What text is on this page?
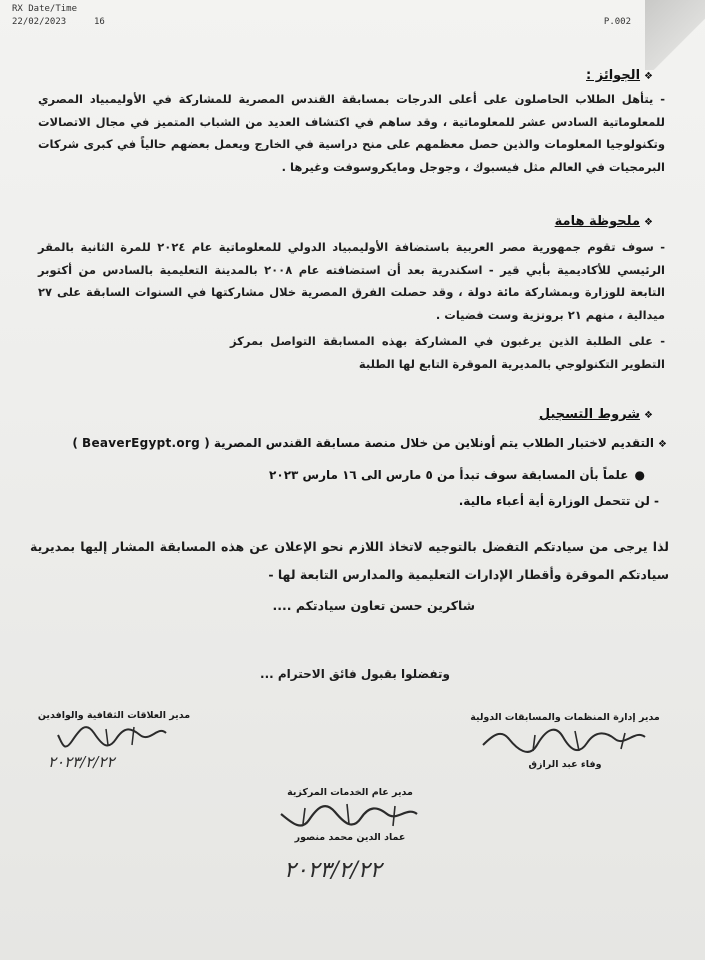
RX Date/Time
22/02/2023	16	P.002
❖الجوائز :
- يتأهل الطلاب الحاصلون على أعلى الدرجات بمسابقة القندس المصرية للمشاركة في الأوليمبياد المصري للمعلوماتية السادس عشر للمعلوماتية ، وقد ساهم في اكتشاف العديد من الشباب المتميز في مجال الاتصالات وتكنولوجيا المعلومات والذين حصل معظمهم على منح دراسية في الخارج ويعمل بعضهم حالياً في كبرى شركات البرمجيات في العالم مثل فيسبوك ، وجوجل ومايكروسوفت وغيرها .
❖ملحوظة هامة
- سوف تقوم جمهورية مصر العربية باستضافة الأوليمبياد الدولي للمعلوماتية عام ٢٠٢٤ للمرة الثانية بالمقر الرئيسي للأكاديمية بأبي قير - اسكندرية بعد أن استضافته عام ٢٠٠٨ بالمدينة التعليمية بالسادس من أكتوبر التابعة للوزارة وبمشاركة مائة دولة ، وقد حصلت الفرق المصرية خلال مشاركتها في السنوات السابقة على ٢٧ ميدالية ، منهم ٢١ برونزية وست فضيات .
- على الطلبة الذين يرغبون في المشاركة بهذه المسابقة التواصل بمركز التطوير التكنولوجي بالمديرية الموقرة التابع لها الطلبة
❖شروط التسجيل
❖التقديم لاختبار الطلاب يتم أونلاين من خلال منصة مسابقة القندس المصرية ( BeaverEgypt.org )
●علماً بأن المسابقة سوف تبدأ من ٥ مارس الى ١٦ مارس ٢٠٢٣
- لن تتحمل الوزارة أية أعباء مالية.
لذا يرجى من سيادتكم التفضل بالتوجيه لاتخاذ اللازم نحو الإعلان عن هذه المسابقة المشار إليها بمديرية سيادتكم الموقرة وأقطار الإدارات التعليمية والمدارس التابعة لها -
شاكرين حسن تعاون سيادتكم ....
وتفضلوا بقبول فائق الاحترام ...
مدير إدارة المنظمات والمسابقات الدولية
وفاء عبد الرازق
مدير العلاقات الثقافية والوافدين
٢٠٢٣/٢/٢٢
مدير عام الخدمات المركزية
عماد الدين محمد منصور
٢٠٢٣/٢/٢٢
